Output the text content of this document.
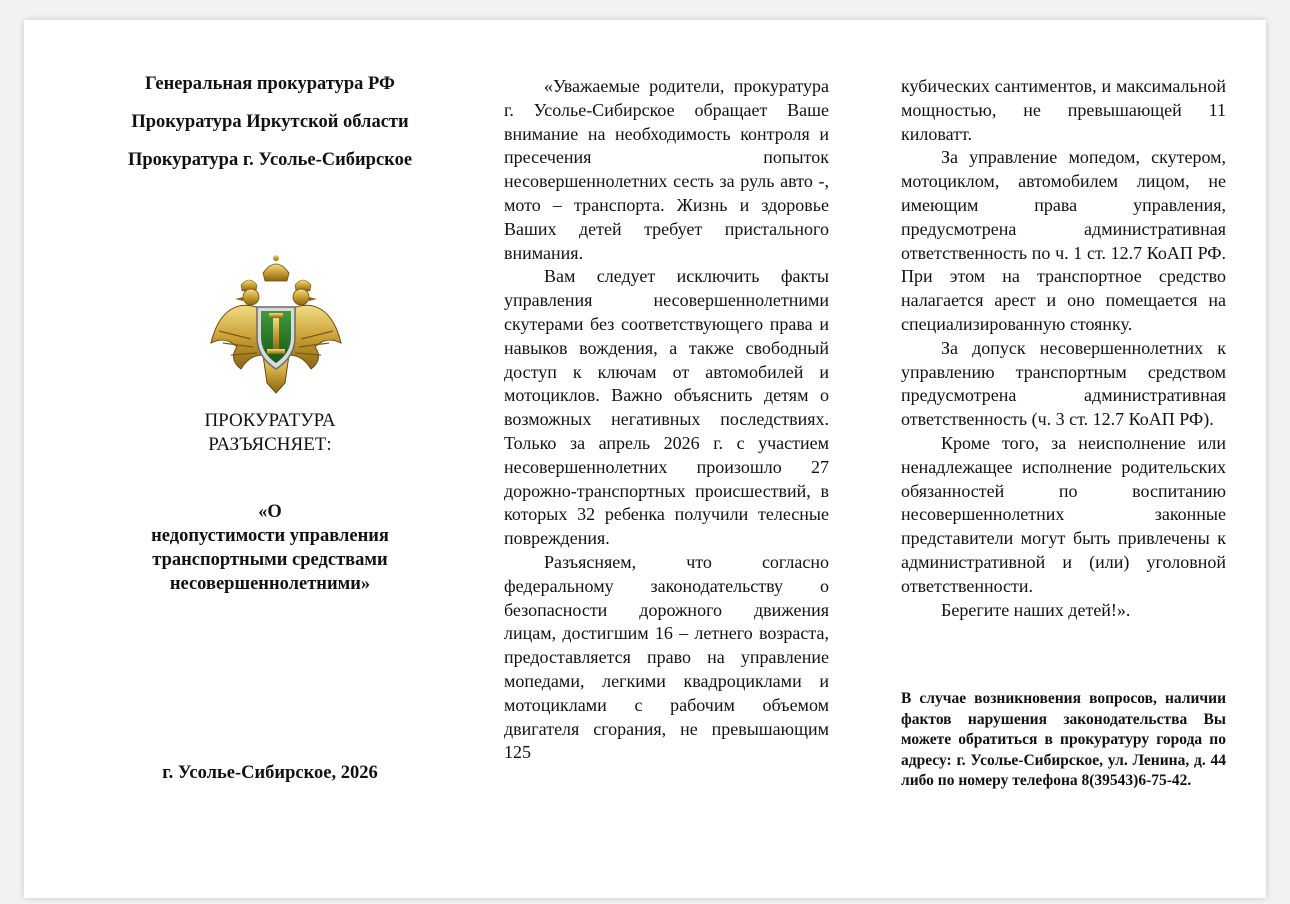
Генеральная прокуратура РФ
Прокуратура Иркутской области
Прокуратура г. Усолье-Сибирское
ПРОКУРАТУРА
РАЗЪЯСНЯЕТ:
«О
недопустимости управления
транспортными средствами
несовершеннолетними»
г. Усолье-Сибирское, 2026

«Уважаемые родители, прокуратура г. Усолье-Сибирское обращает Ваше внимание на необходимость контроля и пресечения попыток несовершеннолетних сесть за руль авто -, мото – транспорта. Жизнь и здоровье Ваших детей требует пристального внимания.

Вам следует исключить факты управления несовершеннолетними скутерами без соответствующего права и навыков вождения, а также свободный доступ к ключам от автомобилей и мотоциклов. Важно объяснить детям о возможных негативных последствиях. Только за апрель 2026 г. с участием несовершеннолетних произошло 27 дорожно-транспортных происшествий, в которых 32 ребенка получили телесные повреждения.

Разъясняем, что согласно федеральному законодательству о безопасности дорожного движения лицам, достигшим 16 – летнего возраста, предоставляется право на управление мопедами, легкими квадроциклами и мотоциклами с рабочим объемом двигателя сгорания, не превышающим 125

кубических сантиментов, и максимальной мощностью, не превышающей 11 киловатт.

За управление мопедом, скутером, мотоциклом, автомобилем лицом, не имеющим права управления, предусмотрена административная ответственность по ч. 1 ст. 12.7 КоАП РФ. При этом на транспортное средство налагается арест и оно помещается на специализированную стоянку.

За допуск несовершеннолетних к управлению транспортным средством предусмотрена административная ответственность (ч. 3 ст. 12.7 КоАП РФ).

Кроме того, за неисполнение или ненадлежащее исполнение родительских обязанностей по воспитанию несовершеннолетних законные представители могут быть привлечены к административной и (или) уголовной ответственности.

Берегите наших детей!».

В случае возникновения вопросов, наличии фактов нарушения законодательства Вы можете обратиться в прокуратуру города по адресу: г. Усолье-Сибирское, ул. Ленина, д. 44 либо по номеру телефона 8(39543)6-75-42.
